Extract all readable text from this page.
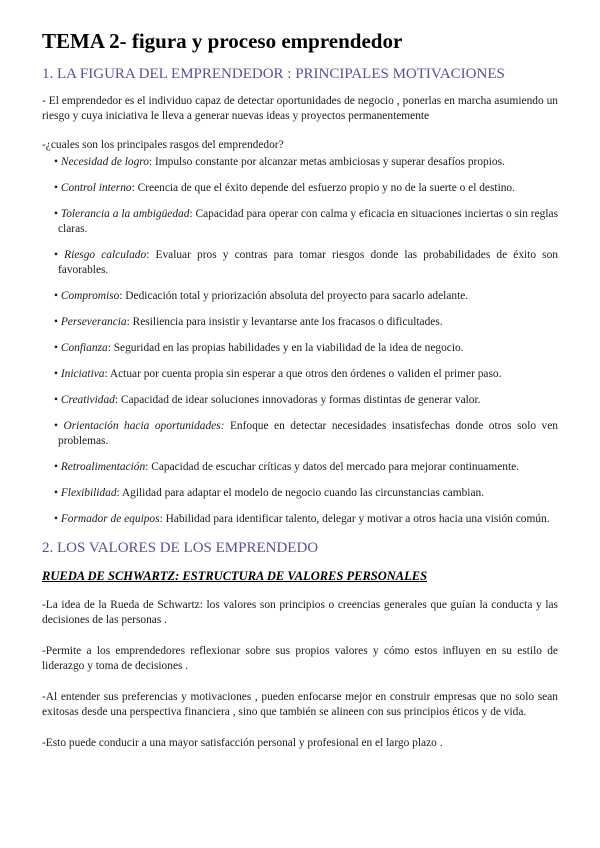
TEMA 2- figura y proceso emprendedor
1. LA FIGURA DEL EMPRENDEDOR : PRINCIPALES MOTIVACIONES

- El emprendedor es el individuo capaz de detectar oportunidades de negocio , ponerlas en marcha asumiendo un riesgo y cuya iniciativa le lleva a generar nuevas ideas y proyectos permanentemente

-¿cuales son los principales rasgos del emprendedor?

• Necesidad de logro: Impulso constante por alcanzar metas ambiciosas y superar desafíos propios.
• Control interno: Creencia de que el éxito depende del esfuerzo propio y no de la suerte o el destino.
• Tolerancia a la ambigüedad: Capacidad para operar con calma y eficacia en situaciones inciertas o sin reglas claras.
• Riesgo calculado: Evaluar pros y contras para tomar riesgos donde las probabilidades de éxito son favorables.
• Compromiso: Dedicación total y priorización absoluta del proyecto para sacarlo adelante.
• Perseverancia: Resiliencia para insistir y levantarse ante los fracasos o dificultades.
• Confianza: Seguridad en las propias habilidades y en la viabilidad de la idea de negocio.
• Iniciativa: Actuar por cuenta propia sin esperar a que otros den órdenes o validen el primer paso.
• Creatividad: Capacidad de idear soluciones innovadoras y formas distintas de generar valor.
• Orientación hacia oportunidades: Enfoque en detectar necesidades insatisfechas donde otros solo ven problemas.
• Retroalimentación: Capacidad de escuchar críticas y datos del mercado para mejorar continuamente.
• Flexibilidad: Agilidad para adaptar el modelo de negocio cuando las circunstancias cambian.
• Formador de equipos: Habilidad para identificar talento, delegar y motivar a otros hacia una visión común.
2. LOS VALORES DE LOS EMPRENDEDO
RUEDA DE SCHWARTZ: ESTRUCTURA DE VALORES PERSONALES

-La idea de la Rueda de Schwartz: los valores son principios o creencias generales que guían la conducta y las decisiones de las personas .

-Permite a los emprendedores reflexionar sobre sus propios valores y cómo estos influyen en su estilo de liderazgo y toma de decisiones .

-Al entender sus preferencias y motivaciones , pueden enfocarse mejor en construir empresas que no solo sean exitosas desde una perspectiva financiera , sino que también se alineen con sus principios éticos y de vida.

-Esto puede conducir a una mayor satisfacción personal y profesional en el largo plazo .
